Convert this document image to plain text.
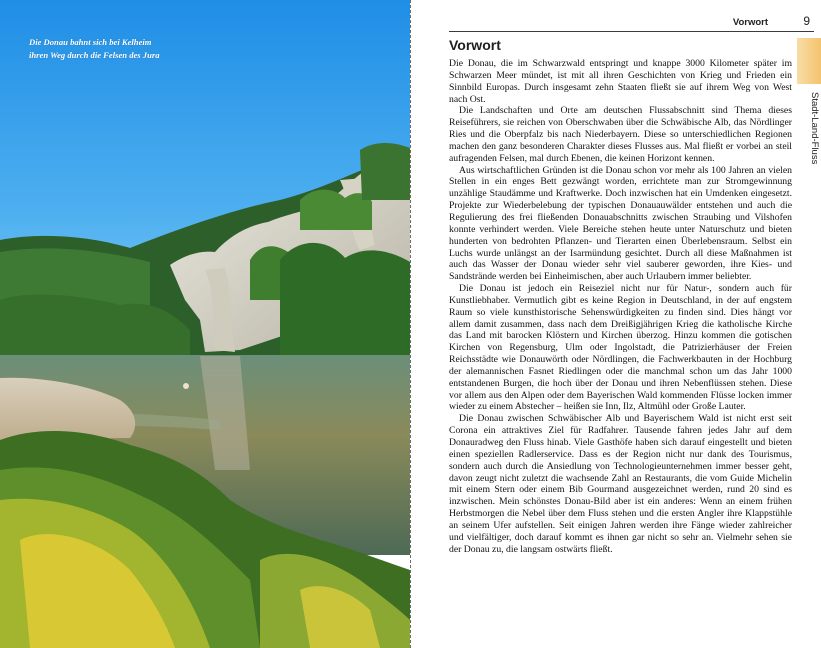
Die Donau bahnt sich bei Kelheim
ihren Weg durch die Felsen des Jura
Vorwort	9
Stadt-Land-Fluss
Vorwort

Die Donau, die im Schwarzwald entspringt und knappe 3000 Kilometer später im Schwarzen Meer mündet, ist mit all ihren Geschichten von Krieg und Frieden ein Sinnbild Europas. Durch insgesamt zehn Staaten fließt sie auf ihrem Weg von West nach Ost.

Die Landschaften und Orte am deutschen Flussabschnitt sind Thema dieses Reiseführers, sie reichen von Oberschwaben über die Schwäbische Alb, das Nördlinger Ries und die Oberpfalz bis nach Niederbayern. Diese so unterschiedlichen Regionen machen den ganz besonderen Charakter dieses Flusses aus. Mal fließt er vorbei an steil aufragenden Felsen, mal durch Ebenen, die keinen Horizont kennen.

Aus wirtschaftlichen Gründen ist die Donau schon vor mehr als 100 Jahren an vielen Stellen in ein enges Bett gezwängt worden, errichtete man zur Stromgewinnung unzählige Staudämme und Kraftwerke. Doch inzwischen hat ein Umdenken eingesetzt. Projekte zur Wiederbelebung der typischen Donauauwälder entstehen und auch die Regulierung des frei fließenden Donauabschnitts zwischen Straubing und Vilshofen konnte verhindert werden. Viele Bereiche stehen heute unter Naturschutz und bieten hunderten von bedrohten Pflanzen- und Tierarten einen Überlebensraum. Selbst ein Luchs wurde unlängst an der Isarmündung gesichtet. Durch all diese Maßnahmen ist auch das Wasser der Donau wieder sehr viel sauberer geworden, ihre Kies- und Sandstrände werden bei Einheimischen, aber auch Urlaubern immer beliebter.

Die Donau ist jedoch ein Reiseziel nicht nur für Natur-, sondern auch für Kunstliebhaber. Vermutlich gibt es keine Region in Deutschland, in der auf engstem Raum so viele kunsthistorische Sehenswürdigkeiten zu finden sind. Dies hängt vor allem damit zusammen, dass nach dem Dreißigjährigen Krieg die katholische Kirche das Land mit barocken Klöstern und Kirchen überzog. Hinzu kommen die gotischen Kirchen von Regensburg, Ulm oder Ingolstadt, die Patrizierhäuser der Freien Reichsstädte wie Donauwörth oder Nördlingen, die Fachwerkbauten in der Hochburg der alemannischen Fasnet Riedlingen oder die manchmal schon um das Jahr 1000 entstandenen Burgen, die hoch über der Donau und ihren Nebenflüssen stehen. Diese vor allem aus den Alpen oder dem Bayerischen Wald kommenden Flüsse locken immer wieder zu einem Abstecher – heißen sie Inn, Ilz, Altmühl oder Große Lauter.

Die Donau zwischen Schwäbischer Alb und Bayerischem Wald ist nicht erst seit Corona ein attraktives Ziel für Radfahrer. Tausende fahren jedes Jahr auf dem Donauradweg den Fluss hinab. Viele Gasthöfe haben sich darauf eingestellt und bieten einen speziellen Radlerservice. Dass es der Region nicht nur dank des Tourismus, sondern auch durch die Ansiedlung von Technologieunternehmen immer besser geht, davon zeugt nicht zuletzt die wachsende Zahl an Restaurants, die vom Guide Michelin mit einem Stern oder einem Bib Gourmand ausgezeichnet werden, rund 20 sind es inzwischen. Mein schönstes Donau-Bild aber ist ein anderes: Wenn an einem frühen Herbstmorgen die Nebel über dem Fluss stehen und die ersten Angler ihre Klappstühle an seinem Ufer aufstellen. Seit einigen Jahren werden ihre Fänge wieder zahlreicher und vielfältiger, doch darauf kommt es ihnen gar nicht so sehr an. Vielmehr sehen sie der Donau zu, die langsam ostwärts fließt.
